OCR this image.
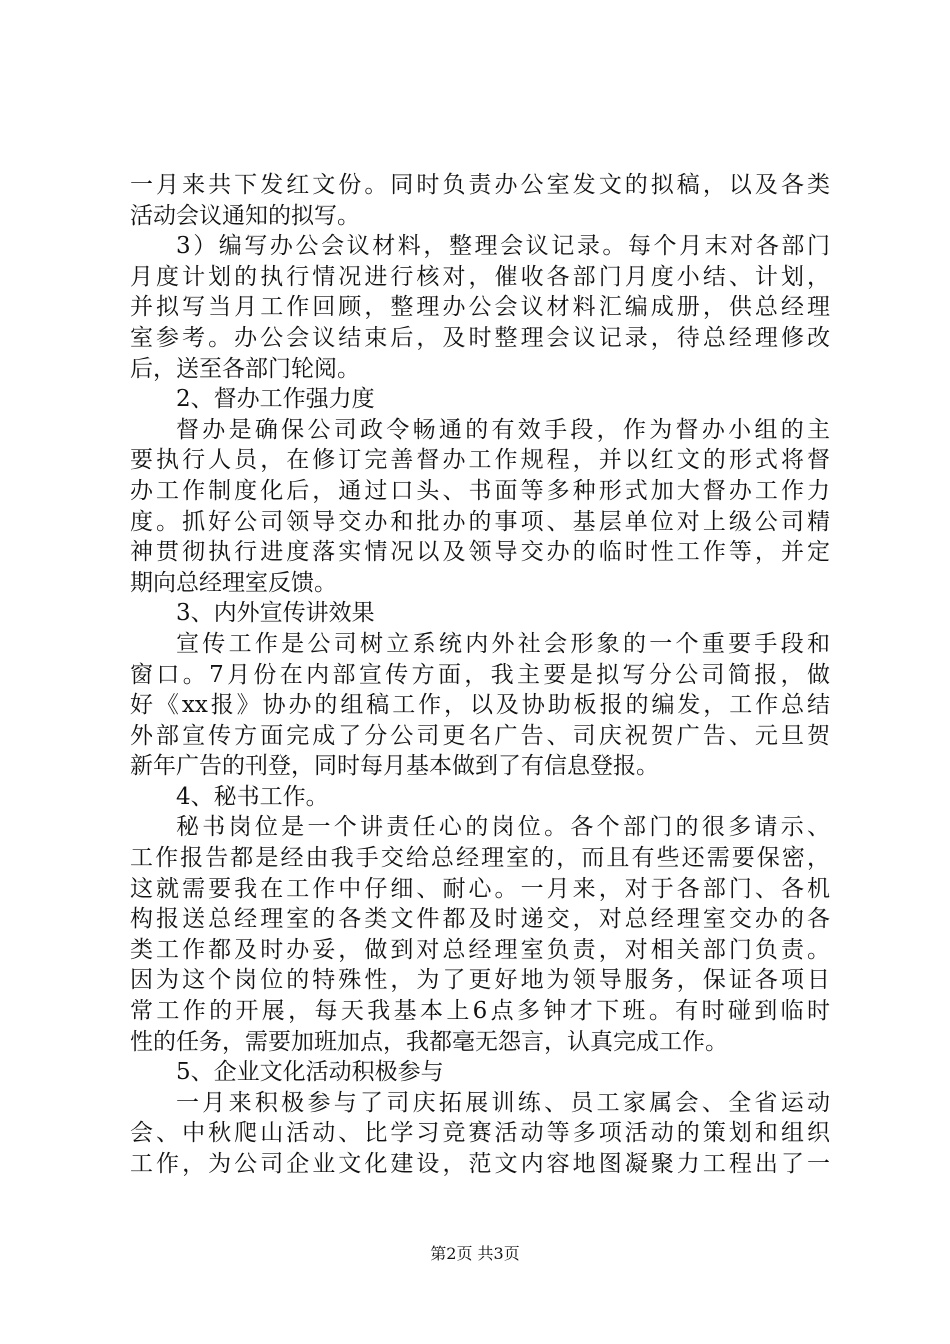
一月来共下发红文份。同时负责办公室发文的拟稿，以及各类
活动会议通知的拟写。
3）编写办公会议材料，整理会议记录。每个月末对各部门
月度计划的执行情况进行核对，催收各部门月度小结、计划，
并拟写当月工作回顾，整理办公会议材料汇编成册，供总经理
室参考。办公会议结束后，及时整理会议记录，待总经理修改
后，送至各部门轮阅。
2、督办工作强力度
督办是确保公司政令畅通的有效手段，作为督办小组的主
要执行人员，在修订完善督办工作规程，并以红文的形式将督
办工作制度化后，通过口头、书面等多种形式加大督办工作力
度。抓好公司领导交办和批办的事项、基层单位对上级公司精
神贯彻执行进度落实情况以及领导交办的临时性工作等，并定
期向总经理室反馈。
3、内外宣传讲效果
宣传工作是公司树立系统内外社会形象的一个重要手段和
窗口。7月份在内部宣传方面，我主要是拟写分公司简报，做
好《xx报》协办的组稿工作，以及协助板报的编发，工作总结
外部宣传方面完成了分公司更名广告、司庆祝贺广告、元旦贺
新年广告的刊登，同时每月基本做到了有信息登报。
4、秘书工作。
秘书岗位是一个讲责任心的岗位。各个部门的很多请示、
工作报告都是经由我手交给总经理室的，而且有些还需要保密，
这就需要我在工作中仔细、耐心。一月来，对于各部门、各机
构报送总经理室的各类文件都及时递交，对总经理室交办的各
类工作都及时办妥，做到对总经理室负责，对相关部门负责。
因为这个岗位的特殊性，为了更好地为领导服务，保证各项日
常工作的开展，每天我基本上6点多钟才下班。有时碰到临时
性的任务，需要加班加点，我都毫无怨言，认真完成工作。
5、企业文化活动积极参与
一月来积极参与了司庆拓展训练、员工家属会、全省运动
会、中秋爬山活动、比学习竞赛活动等多项活动的策划和组织
工作，为公司企业文化建设，范文内容地图凝聚力工程出了一
第2页 共3页
